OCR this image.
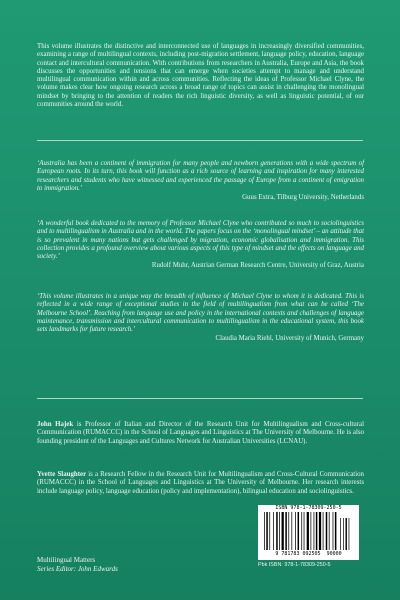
This volume illustrates the distinctive and interconnected use of languages in increasingly diversified communities, examining a range of multilingual contexts, including post-migration settlement, language policy, education, language contact and intercultural communication. With contributions from researchers in Australia, Europe and Asia, the book discusses the opportunities and tensions that can emerge when societies attempt to manage and understand multilingual communication within and across communities. Reflecting the ideas of Professor Michael Clyne, the volume makes clear how ongoing research across a broad range of topics can assist in challenging the monolingual mindset by bringing to the attention of readers the rich linguistic diversity, as well as linguistic potential, of our communities around the world.
‘Australia has been a continent of immigration for many people and newborn generations with a wide spectrum of European roots. In its turn, this book will function as a rich source of learning and inspiration for many interested researchers and students who have witnessed and experienced the passage of Europe from a continent of emigration to immigration.’
Guus Extra, Tilburg University, Netherlands
‘A wonderful book dedicated to the memory of Professor Michael Clyne who contributed so much to sociolinguistics and to multilingualism in Australia and in the world. The papers focus on the ‘monolingual mindset’ – an attitude that is so prevalent in many nations but gets challenged by migration, economic globalisation and immigration. This collection provides a profound overview about various aspects of this type of mindset and the effects on language and society.’
Rudolf Muhr, Austrian German Research Centre, University of Graz, Austria
‘This volume illustrates in a unique way the breadth of influence of Michael Clyne to whom it is dedicated. This is reflected in a wide range of exceptional studies in the field of multilingualism from what can be called ‘The Melbourne School’. Reaching from language use and policy in the international contexts and challenges of language maintenance, transmission and intercultural communication to multilingualism in the educational system, this book sets landmarks for future research.’
Claudia Maria Riehl, University of Munich, Germany
John Hajek is Professor of Italian and Director of the Research Unit for Multilingualism and Cross-cultural Communication (RUMACCC) in the School of Languages and Linguistics at The University of Melbourne. He is also founding president of the Languages and Cultures Network for Australian Universities (LCNAU).
Yvette Slaughter is a Research Fellow in the Research Unit for Multilingualism and Cross-Cultural Communication (RUMACCC) in the School of Languages and Linguistics at The University of Melbourne. Her research interests include language policy, language education (policy and implementation), bilingual education and sociolinguistics.
ISBN 978-1-78309-250-5
9 781783 092505 90000
Pbk ISBN: 978-1-78309-250-5
Multilingual Matters
Series Editor: John Edwards
